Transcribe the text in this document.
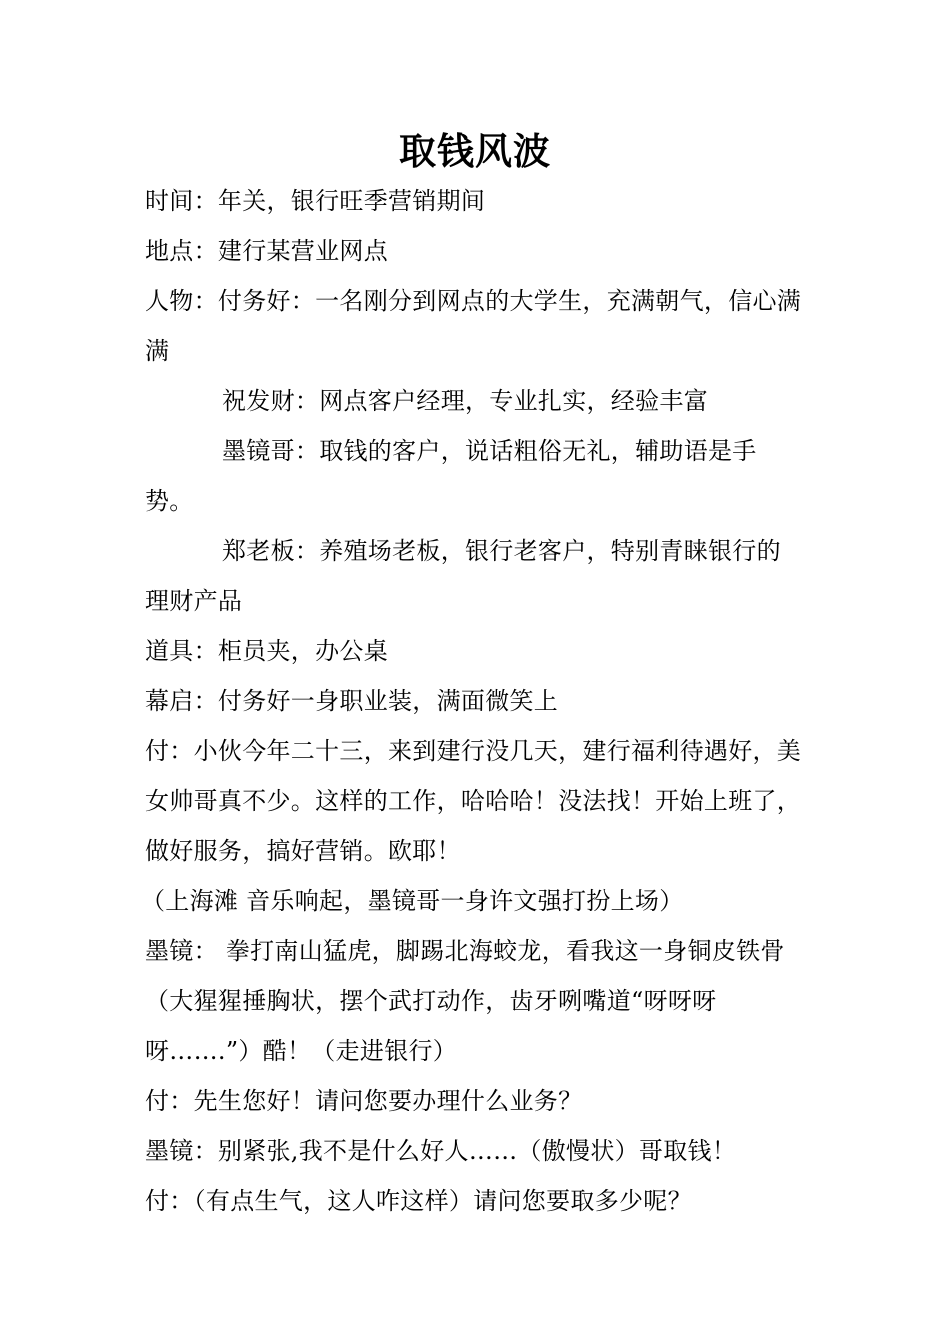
取钱风波

时间：年关，银行旺季营销期间

地点：建行某营业网点

人物：付务好：一名刚分到网点的大学生，充满朝气，信心满满

祝发财：网点客户经理，专业扎实，经验丰富

墨镜哥：取钱的客户，说话粗俗无礼，辅助语是手势。

郑老板：养殖场老板，银行老客户，特别青睐银行的理财产品

道具：柜员夹，办公桌

幕启：付务好一身职业装，满面微笑上

付：小伙今年二十三，来到建行没几天，建行福利待遇好，美女帅哥真不少。这样的工作，哈哈哈！没法找！开始上班了，做好服务，搞好营销。欧耶！

（上海滩 音乐响起，墨镜哥一身许文强打扮上场）

墨镜： 拳打南山猛虎，脚踢北海蛟龙，看我这一身铜皮铁骨（大猩猩捶胸状，摆个武打动作，齿牙咧嘴道“呀呀呀呀…….”）酷！（走进银行）

付：先生您好！请问您要办理什么业务？

墨镜：别紧张,我不是什么好人……（傲慢状）哥取钱！

付：（有点生气，这人咋这样）请问您要取多少呢？
